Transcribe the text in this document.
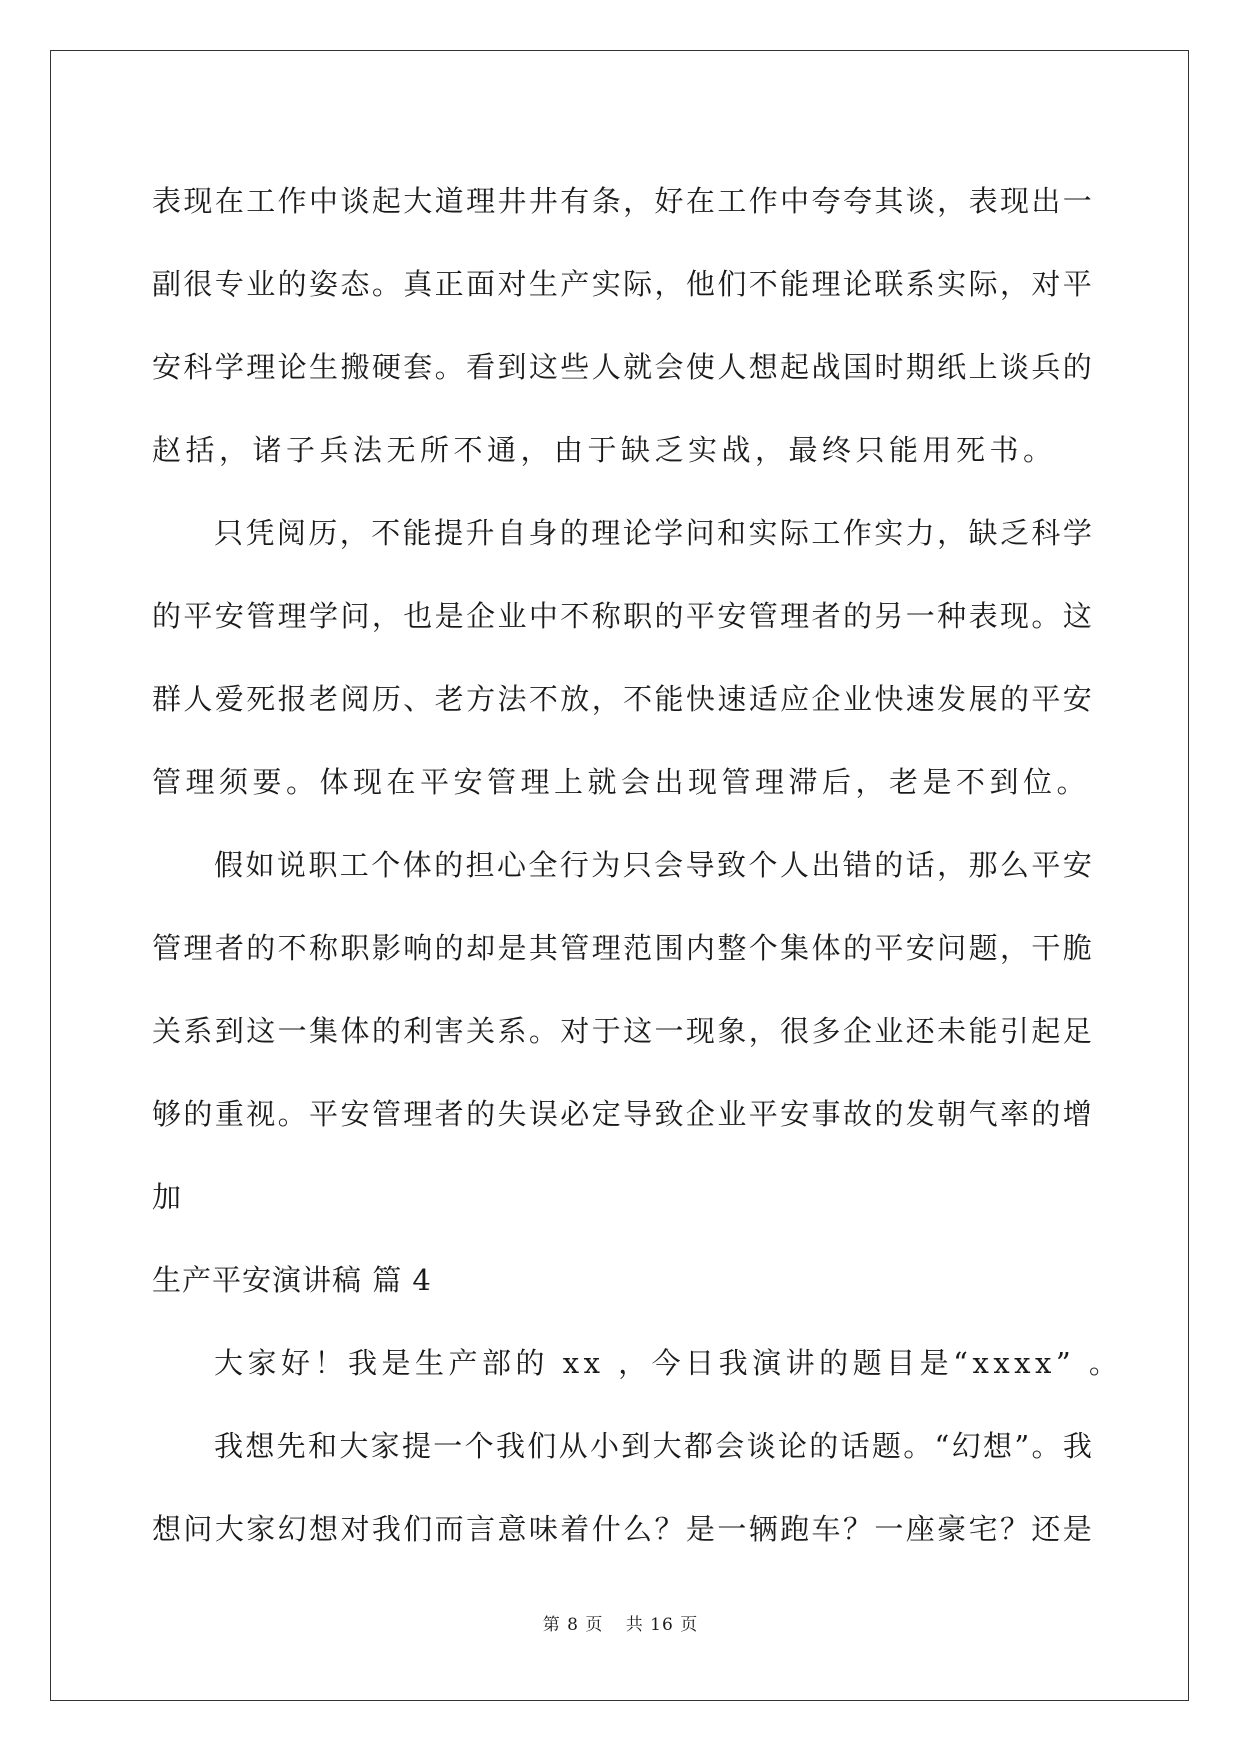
表 现 在 工 作 中 谈 起 大 道 理 井 井 有 条 ， 好 在 工 作 中 夸 夸 其 谈 ， 表 现 出 一
副 很 专 业 的 姿 态 。 真 正 面 对 生 产 实 际 ， 他 们 不 能 理 论 联 系 实 际 ， 对 平
安 科 学 理 论 生 搬 硬 套 。 看 到 这 些 人 就 会 使 人 想 起 战 国 时 期 纸 上 谈 兵 的
赵括，诸子兵法无所不通，由于缺乏实战，最终只能用死书。
只 凭 阅 历 ， 不 能 提 升 自 身 的 理 论 学 问 和 实 际 工 作 实 力 ， 缺 乏 科 学
的 平 安 管 理 学 问 ， 也 是 企 业 中 不 称 职 的 平 安 管 理 者 的 另 一 种 表 现 。 这
群 人 爱 死 报 老 阅 历 、 老 方 法 不 放 ， 不 能 快 速 适 应 企 业 快 速 发 展 的 平 安
管理须要。体现在平安管理上就会出现管理滞后，老是不到位。
假 如 说 职 工 个 体 的 担 心 全 行 为 只 会 导 致 个 人 出 错 的 话 ， 那 么 平 安
管 理 者 的 不 称 职 影 响 的 却 是 其 管 理 范 围 内 整 个 集 体 的 平 安 问 题 ， 干 脆
关 系 到 这 一 集 体 的 利 害 关 系 。 对 于 这 一 现 象 ， 很 多 企 业 还 未 能 引 起 足
够 的 重 视 。 平 安 管 理 者 的 失 误 必 定 导 致 企 业 平 安 事 故 的 发 朝 气 率 的 增
加
生产平安演讲稿 篇 4
大家好！我是生产部的 xx ，今日我演讲的题目是“xxxx” 。
我 想 先 和 大 家 提 一 个 我 们 从 小 到 大 都 会 谈 论 的 话 题 。 “ 幻 想 ” 。 我
想 问 大 家 幻 想 对 我 们 而 言 意 味 着 什 么 ？ 是 一 辆 跑 车 ？ 一 座 豪 宅 ？ 还 是
第 8 页 共 16 页
